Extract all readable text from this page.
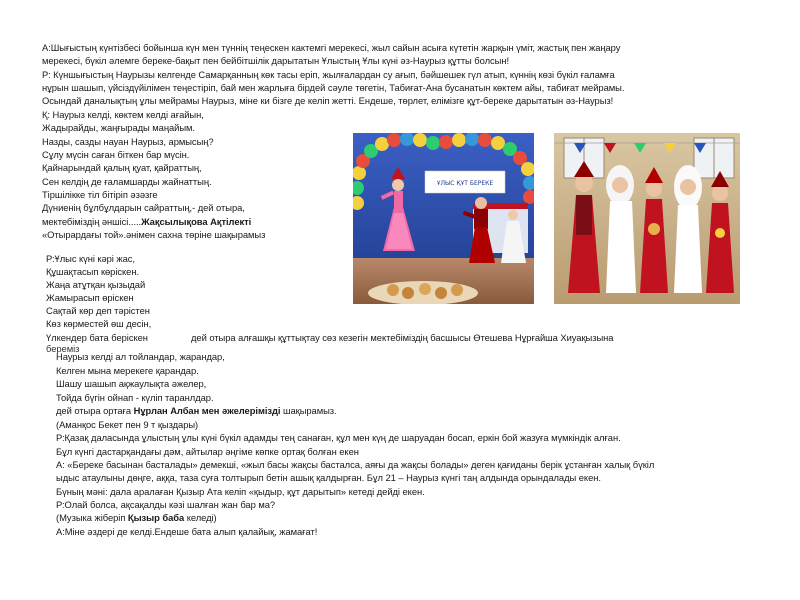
А:Шығыстың күнтізбесі бойынша күн мен түннің теңескен кактемгі мерекесі, жыл сайын асыға күтетін жарқын үміт, жастық пен жаңару
мерекесі, бүкіл әлемге береке-бақыт пен бейбітшілік дарытатын Ұлыстың Ұлы күні әз-Наурыз құтты болсын!
Р: Күншығыстың Наурызы келгенде Самарқанның көк тасы еріп, жылғалардан су ағып, бәйшешек гүл атып, күннің көзі бүкіл ғаламға
нұрын шашып, үйсіздүйілімен теңестіріп, бай мен жарлыға бірдей сәуле төгетін, Табиғат-Ана бусанатын көктем айы, табиғат мейрамы.
Осындай даналықтың ұлы мейрамы Наурыз, міне ки бізге де келіп жетті. Ендеше, төрлет, елімізге құт-береке дарытатын әз-Наурыз!
Қ: Наурыз келді, көктем келді ағайын,
Жадырайды, жаңғырады маңайым.
Назды, сазды науан Наурыз, армысың?
Сұлу мүсін саған біткен бар мүсін.
Қайнарындай қалың қуат, қайраттың,
Сен келдің де ғаламшарды жайнаттың.
Тіршілікке тіл бітіріп әзәзге
Дүниенің бұлбұлдарын сайраттың,- дей отыра,
мектебіміздің әншісі.....Жақсылықова Ақтілекті
«Отырардағы той».әнімен сахна төріне шақырамыз
ҰЛЫС ҚҰТ БЕРЕКЕ
Р:Ұлыс күні кәрі жас,
Құшақтасып көріскен.
Жаңа атұтқан қызыдай
Жамырасып өріскен
Сақтай көр деп тәрістен
Көз көрместей өш десін,
Үлкендер бата беріскен	дей отыра алғашқы құттықтау сөз кезегін мектебіміздің басшысы Өтешева Нұрғайша Хиуақызына
береміз
Наурыз келді ал тойландар, жарандар,
Келген мына мерекеге қарандар.
Шашу шашып ақжаулықта әжелер,
Тойда бүгін ойнап - күліп таранлдар.
дей отыра ортаға Нұрлан Албан мен әжелерімізді шақырамыз.
(Аманқос Бекет пен 9 т қыздары)
Р:Қазақ даласында ұлыстың ұлы күні бүкіл адамды тең санаған, құл мен күң де шаруадан босап, еркін бой жазуға мүмкіндік алған.
Бұл күнгі дастарқандағы дәм, айтылар әңгіме көпке ортақ болған екен
А: «Береке басынан басталады» демекші, «жыл басы жақсы басталса, аяғы да жақсы болады» деген қағиданы берік ұстанған халық бүкіл
ыдыс атаулыны дөңге, аққа, таза суға толтырып бетін ашық қалдырған. Бұл 21 – Наурыз күнгі таң алдында орындалады екен.
Бүның мәні: дала аралаған Қызыр Ата келіп «қыдыр, құт дарытып» кетеді дейді екен.
Р:Олай болса, ақсақалды кәзі шалған жан бар ма?
(Музыка жіберіп Қызыр баба келеді)
А:Міне әздері де келді.Ендеше бата алып қалайық, жамағат!
